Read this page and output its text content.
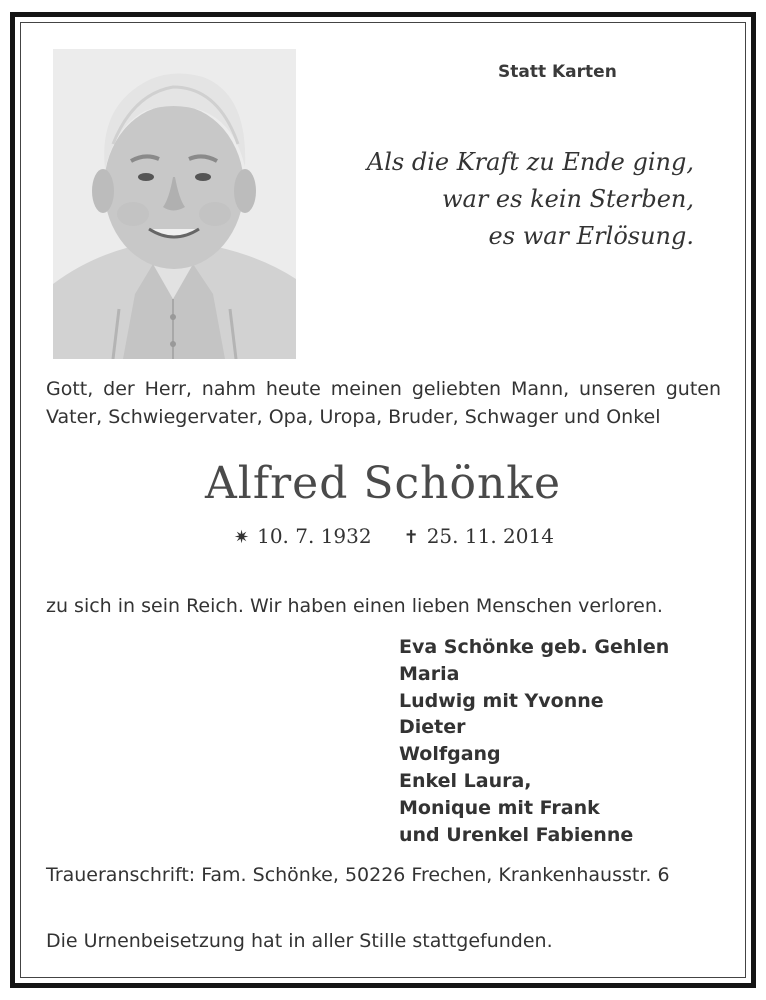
Statt Karten
Als die Kraft zu Ende ging,
war es kein Sterben,
es war Erlösung.
Gott, der Herr, nahm heute meinen geliebten Mann, unseren guten
Vater, Schwiegervater, Opa, Uropa, Bruder, Schwager und Onkel
Alfred Schönke
✷ 10. 7. 1932 ✝ 25. 11. 2014
zu sich in sein Reich. Wir haben einen lieben Menschen verloren.
Eva Schönke geb. Gehlen
Maria
Ludwig mit Yvonne
Dieter
Wolfgang
Enkel Laura,
Monique mit Frank
und Urenkel Fabienne
Traueranschrift: Fam. Schönke, 50226 Frechen, Krankenhausstr. 6
Die Urnenbeisetzung hat in aller Stille stattgefunden.
